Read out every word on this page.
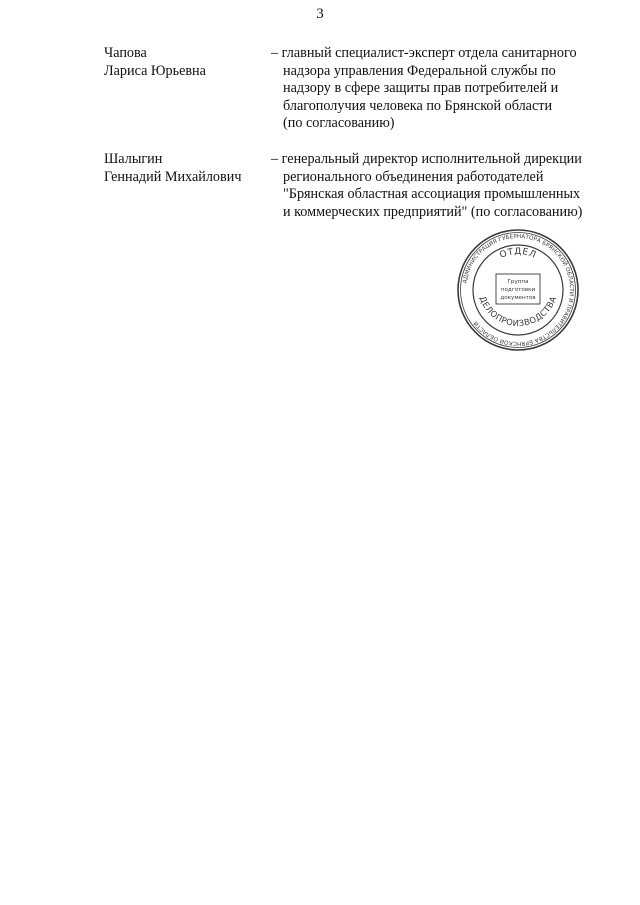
3
Чапова
Лариса Юрьевна
– главный специалист-эксперт отдела санитарного
надзора управления Федеральной службы по
надзору в сфере защиты прав потребителей и
благополучия человека по Брянской области
(по согласованию)
Шалыгин
Геннадий Михайлович
– генеральный директор исполнительной дирекции
регионального объединения работодателей
"Брянская областная ассоциация промышленных
и коммерческих предприятий" (по согласованию)
АДМИНИСТРАЦИЯ ГУБЕРНАТОРА БРЯНСКОЙ ОБЛАСТИ И ПРАВИТЕЛЬСТВА БРЯНСКОЙ ОБЛАСТИ
ОТДЕЛ
ДЕЛОПРОИЗВОДСТВА
Группа
подготовки
документов
